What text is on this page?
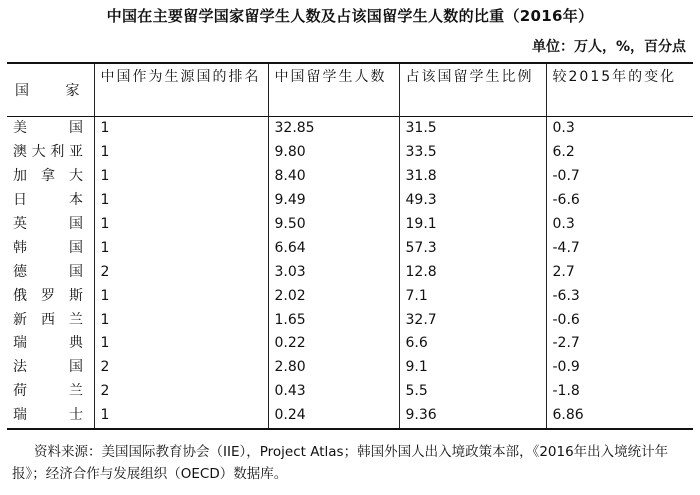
中国在主要留学国家留学生人数及占该国留学生人数的比重（2016年）
单位：万人，%，百分点
国 家	中国作为生源国的排名	中国留学生人数	占该国留学生比例	较2015年的变化

美 国	1	32.85	31.5	0.3

澳 大 利 亚	1	9.80	33.5	6.2

加 拿 大	1	8.40	31.8	-0.7

日 本	1	9.49	49.3	-6.6

英 国	1	9.50	19.1	0.3

韩 国	1	6.64	57.3	-4.7

德 国	2	3.03	12.8	2.7

俄 罗 斯	1	2.02	7.1	-6.3

新 西 兰	1	1.65	32.7	-0.6

瑞 典	1	0.22	6.6	-2.7

法 国	2	2.80	9.1	-0.9

荷 兰	2	0.43	5.5	-1.8

瑞 士	1	0.24	9.36	6.86
资料来源：美国国际教育协会（IIE），Project Atlas；韩国外国人出入境政策本部，《2016年出入境统计年报》；经济合作与发展组织（OECD）数据库。
